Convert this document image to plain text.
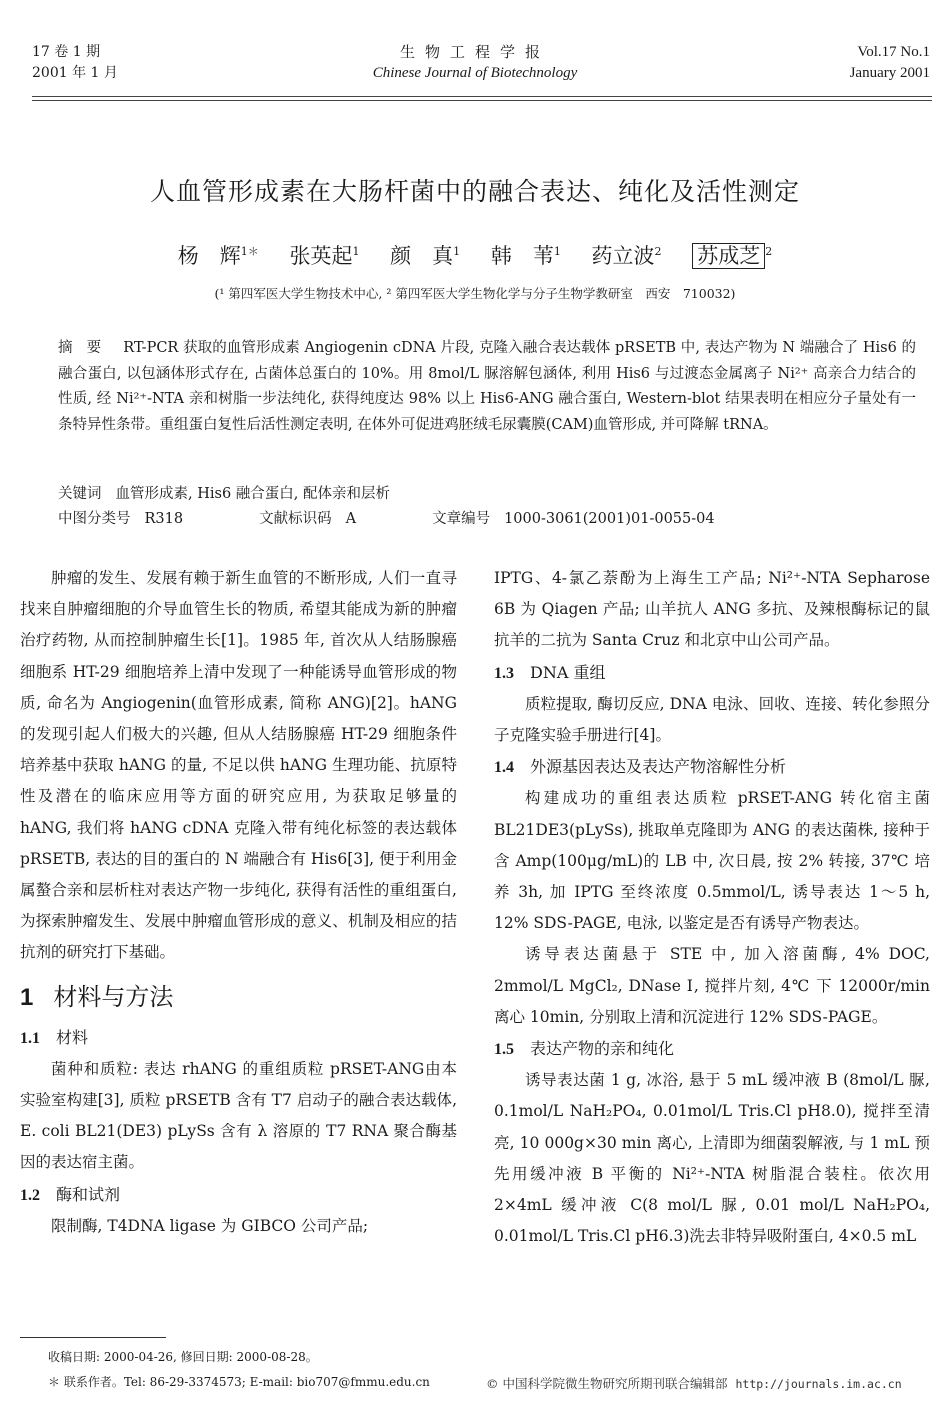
17 卷 1 期
2001 年 1 月
生物工程学报
Chinese Journal of Biotechnology
Vol.17 No.1
January 2001
人血管形成素在大肠杆菌中的融合表达、纯化及活性测定
杨　辉$^{1*}$ 张英起$^1$ 颜　真$^1$ 韩　苇$^1$ 药立波$^2$ 苏成芝 $^2$
(¹ 第四军医大学生物技术中心, ² 第四军医大学生物化学与分子生物学教研室　西安　710032)
摘要 RT-PCR 获取的血管形成素 Angiogenin cDNA 片段, 克隆入融合表达载体 pRSETB 中, 表达产物为 N 端融合了 His6 的融合蛋白, 以包涵体形式存在, 占菌体总蛋白的 10%。用 8mol/L 脲溶解包涵体, 利用 His6 与过渡态金属离子 Ni²⁺ 高亲合力结合的性质, 经 Ni²⁺-NTA 亲和树脂一步法纯化, 获得纯度达 98% 以上 His6-ANG 融合蛋白, Western-blot 结果表明在相应分子量处有一条特异性条带。重组蛋白复性后活性测定表明, 在体外可促进鸡胚绒毛尿囊膜(CAM)血管形成, 并可降解 tRNA。
关键词 血管形成素, His6 融合蛋白, 配体亲和层析
中图分类号 R318	文献标识码 A	文章编号 1000-3061(2001)01-0055-04

肿瘤的发生、发展有赖于新生血管的不断形成, 人们一直寻找来自肿瘤细胞的介导血管生长的物质, 希望其能成为新的肿瘤治疗药物, 从而控制肿瘤生长[1]。1985 年, 首次从人结肠腺癌细胞系 HT-29 细胞培养上清中发现了一种能诱导血管形成的物质, 命名为 Angiogenin(血管形成素, 简称 ANG)[2]。hANG 的发现引起人们极大的兴趣, 但从人结肠腺癌 HT-29 细胞条件培养基中获取 hANG 的量, 不足以供 hANG 生理功能、抗原特性及潜在的临床应用等方面的研究应用, 为获取足够量的 hANG, 我们将 hANG cDNA 克隆入带有纯化标签的表达载体 pRSETB, 表达的目的蛋白的 N 端融合有 His6[3], 便于利用金属螯合亲和层析柱对表达产物一步纯化, 获得有活性的重组蛋白, 为探索肿瘤发生、发展中肿瘤血管形成的意义、机制及相应的拮抗剂的研究打下基础。

1 材料与方法
1.1 材料

菌种和质粒: 表达 rhANG 的重组质粒 pRSET-ANG由本实验室构建[3], 质粒 pRSETB 含有 T7 启动子的融合表达载体, E. coli BL21(DE3) pLySs 含有 λ 溶原的 T7 RNA 聚合酶基因的表达宿主菌。

1.2 酶和试剂

限制酶, T4DNA ligase 为 GIBCO 公司产品;

IPTG、4-氯乙萘酚为上海生工产品; Ni²⁺-NTA Sepharose 6B 为 Qiagen 产品; 山羊抗人 ANG 多抗、及辣根酶标记的鼠抗羊的二抗为 Santa Cruz 和北京中山公司产品。

1.3 DNA 重组

质粒提取, 酶切反应, DNA 电泳、回收、连接、转化参照分子克隆实验手册进行[4]。

1.4 外源基因表达及表达产物溶解性分析

构建成功的重组表达质粒 pRSET-ANG 转化宿主菌 BL21DE3(pLySs), 挑取单克隆即为 ANG 的表达菌株, 接种于含 Amp(100μg/mL)的 LB 中, 次日晨, 按 2% 转接, 37℃ 培养 3h, 加 IPTG 至终浓度 0.5mmol/L, 诱导表达 1～5 h, 12% SDS-PAGE, 电泳, 以鉴定是否有诱导产物表达。

诱导表达菌悬于 STE 中, 加入溶菌酶, 4% DOC, 2mmol/L MgCl₂, DNase Ⅰ, 搅拌片刻, 4℃ 下 12000r/min 离心 10min, 分别取上清和沉淀进行 12% SDS-PAGE。

1.5 表达产物的亲和纯化

诱导表达菌 1 g, 冰浴, 悬于 5 mL 缓冲液 B (8mol/L 脲, 0.1mol/L NaH₂PO₄, 0.01mol/L Tris.Cl pH8.0), 搅拌至清亮, 10 000g×30 min 离心, 上清即为细菌裂解液, 与 1 mL 预先用缓冲液 B 平衡的 Ni²⁺-NTA 树脂混合装柱。依次用 2×4mL 缓冲液 C(8 mol/L 脲, 0.01 mol/L NaH₂PO₄, 0.01mol/L Tris.Cl pH6.3)洗去非特异吸附蛋白, 4×0.5 mL

收稿日期: 2000-04-26, 修回日期: 2000-08-28。
＊ 联系作者。Tel: 86-29-3374573; E-mail: bio707@fmmu.edu.cn	© 中国科学院微生物研究所期刊联合编辑部 http://journals.im.ac.cn
